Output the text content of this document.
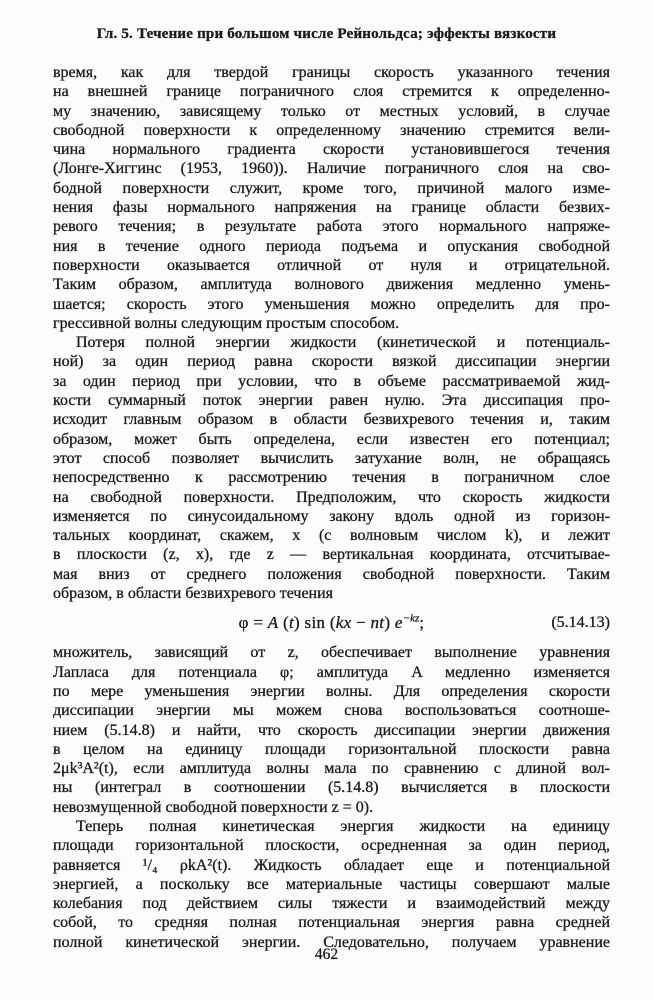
Гл. 5. Течение при большом числе Рейнольдса; эффекты вязкости
время, как для твердой границы скорость указанного течения
на внешней границе пограничного слоя стремится к определенно-
му значению, зависящему только от местных условий, в случае
свободной поверхности к определенному значению стремится вели-
чина нормального градиента скорости установившегося течения
(Лонге-Хиггинс (1953, 1960)). Наличие пограничного слоя на сво-
бодной поверхности служит, кроме того, причиной малого изме-
нения фазы нормального напряжения на границе области безвих-
ревого течения; в результате работа этого нормального напряже-
ния в течение одного периода подъема и опускания свободной
поверхности оказывается отличной от нуля и отрицательной.
Таким образом, амплитуда волнового движения медленно умень-
шается; скорость этого уменьшения можно определить для про-
грессивной волны следующим простым способом.
Потеря полной энергии жидкости (кинетической и потенциаль-
ной) за один период равна скорости вязкой диссипации энергии
за один период при условии, что в объеме рассматриваемой жид-
кости суммарный поток энергии равен нулю. Эта диссипация про-
исходит главным образом в области безвихревого течения и, таким
образом, может быть определена, если известен его потенциал;
этот способ позволяет вычислить затухание волн, не обращаясь
непосредственно к рассмотрению течения в пограничном слое
на свободной поверхности. Предположим, что скорость жидкости
изменяется по синусоидальному закону вдоль одной из горизон-
тальных координат, скажем, x (с волновым числом k), и лежит
в плоскости (z, x), где z — вертикальная координата, отсчитывае-
мая вниз от среднего положения свободной поверхности. Таким
образом, в области безвихревого течения
φ = A (t) sin (kx − nt) $e^{-kz}$;	(5.14.13)
множитель, зависящий от z, обеспечивает выполнение уравнения
Лапласа для потенциала φ; амплитуда A медленно изменяется
по мере уменьшения энергии волны. Для определения скорости
диссипации энергии мы можем снова воспользоваться соотноше-
нием (5.14.8) и найти, что скорость диссипации энергии движения
в целом на единицу площади горизонтальной плоскости равна
2μk³A²(t), если амплитуда волны мала по сравнению с длиной вол-
ны (интеграл в соотношении (5.14.8) вычисляется в плоскости
невозмущенной свободной поверхности z = 0).
Теперь полная кинетическая энергия жидкости на единицу
площади горизонтальной плоскости, осредненная за один период,
равняется ¹/₄ ρkA²(t). Жидкость обладает еще и потенциальной
энергией, а поскольку все материальные частицы совершают малые
колебания под действием силы тяжести и взаимодействий между
собой, то средняя полная потенциальная энергия равна средней
полной кинетической энергии. Следовательно, получаем уравнение
462
